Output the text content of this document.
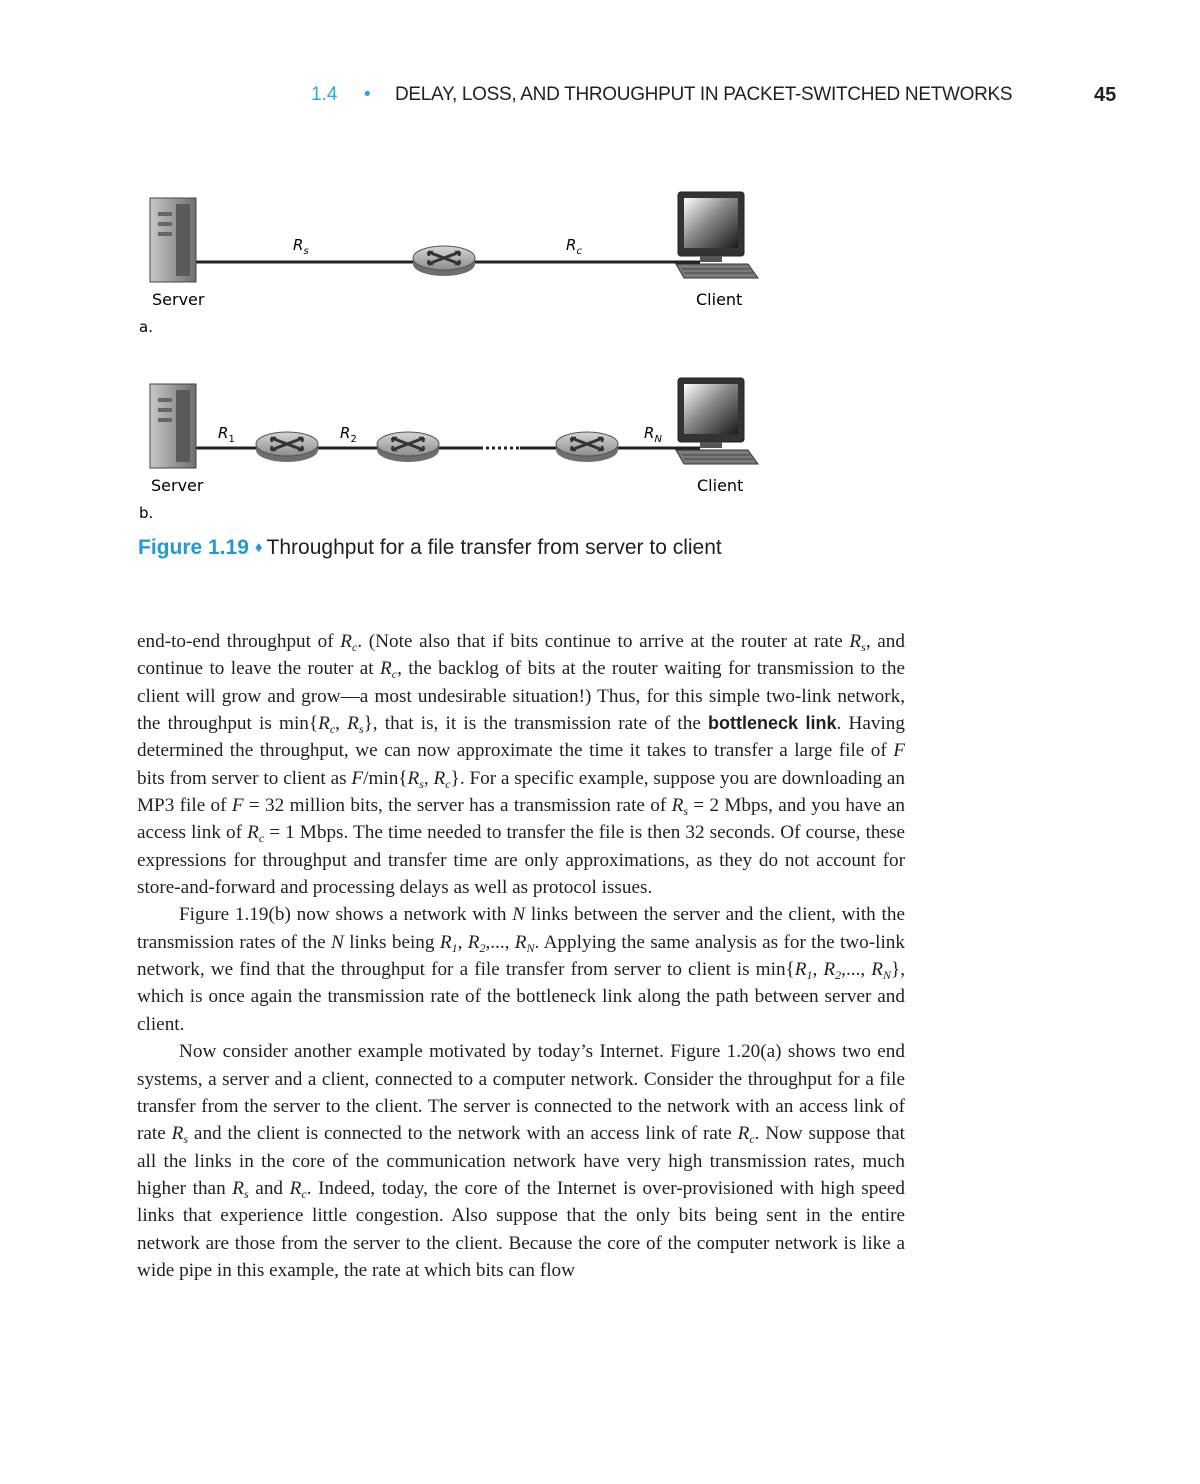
1.4 • DELAY, LOSS, AND THROUGHPUT IN PACKET-SWITCHED NETWORKS	45
$R_s$	$R_c$
Server	Client
a.
$R_1$	$R_2$	$R_N$
Server	Client
b.
Figure 1.19 ♦ Throughput for a file transfer from server to client

end-to-end throughput of $R_c$. (Note also that if bits continue to arrive at the router at rate $R_s$, and continue to leave the router at $R_c$, the backlog of bits at the router waiting for transmission to the client will grow and grow—a most undesirable situation!) Thus, for this simple two-link network, the throughput is $\min\{R_c$, $R_s$}, that is, it is the transmission rate of the bottleneck link. Having determined the throughput, we can now approximate the time it takes to transfer a large file of F bits from server to client as $F/\min\{R_s$, $R_c$}. For a specific example, suppose you are downloading an MP3 file of F = 32 million bits, the server has a transmission rate of $R_s = 2$ Mbps, and you have an access link of $R_c = 1$ Mbps. The time needed to transfer the file is then 32 seconds. Of course, these expressions for throughput and transfer time are only approximations, as they do not account for store-and-forward and processing delays as well as protocol issues.

Figure 1.19(b) now shows a network with N links between the server and the client, with the transmission rates of the N links being $R_1$, $R_2$,..., $R_N$. Applying the same analysis as for the two-link network, we find that the throughput for a file transfer from server to client is $\min\{R_1$, $R_2$,..., $R_N$}, which is once again the transmission rate of the bottleneck link along the path between server and client.

Now consider another example motivated by today’s Internet. Figure 1.20(a) shows two end systems, a server and a client, connected to a computer network. Consider the throughput for a file transfer from the server to the client. The server is connected to the network with an access link of rate $R_s$ and the client is connected to the network with an access link of rate $R_c$. Now suppose that all the links in the core of the communication network have very high transmission rates, much higher than $R_s$ and $R_c$. Indeed, today, the core of the Internet is over-provisioned with high speed links that experience little congestion. Also suppose that the only bits being sent in the entire network are those from the server to the client. Because the core of the computer network is like a wide pipe in this example, the rate at which bits can flow
